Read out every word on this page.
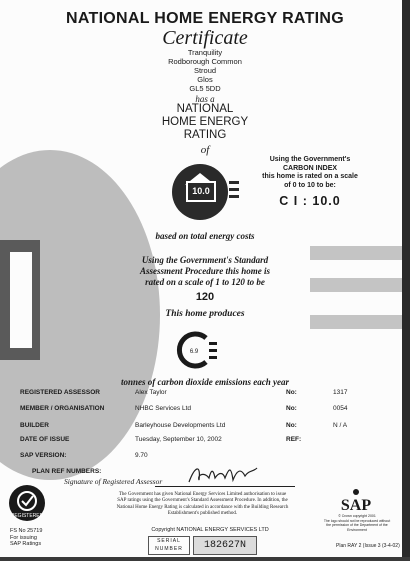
NATIONAL HOME ENERGY RATING
Certificate
Tranquility
Rodborough Common
Stroud
Glos
GL5 5DD
has a
NATIONAL
HOME ENERGY
RATING
of
10.0
Using the Government's
CARBON INDEX
this home is rated on a scale
of 0 to 10 to be:
C I : 10.0
based on total energy costs
Using the Government's Standard
Assessment Procedure this home is
rated on a scale of 1 to 120 to be
120
This home produces
6.9
tonnes of carbon dioxide emissions each year
REGISTERED ASSESSOR	Alex Taylor	No:	1317
MEMBER / ORGANISATION	NHBC Services Ltd	No:	0054
BUILDER	Barleyhouse Developments Ltd	No:	N / A
DATE OF ISSUE	Tuesday, September 10, 2002	REF:
SAP VERSION:	9.70
PLAN REF NUMBERS:
Signature of Registered Assessor
The Government has given National Energy Services Limited authorisation to issue SAP ratings using the Government's Standard Assessment Procedure. In addition, the National Home Energy Rating is calculated in accordance with the Building Research Establishment's published method.
Copyright NATIONAL ENERGY SERVICES LTD
SERIAL
NUMBER	182627N
REGISTERED
FS No 25719
For issuing
SAP Ratings
SAP
© Crown copyright 2001
The logo should not be reproduced without the permission of the Department of the Environment
Plan RAY 2 (Issue 3 (3-4-02)
